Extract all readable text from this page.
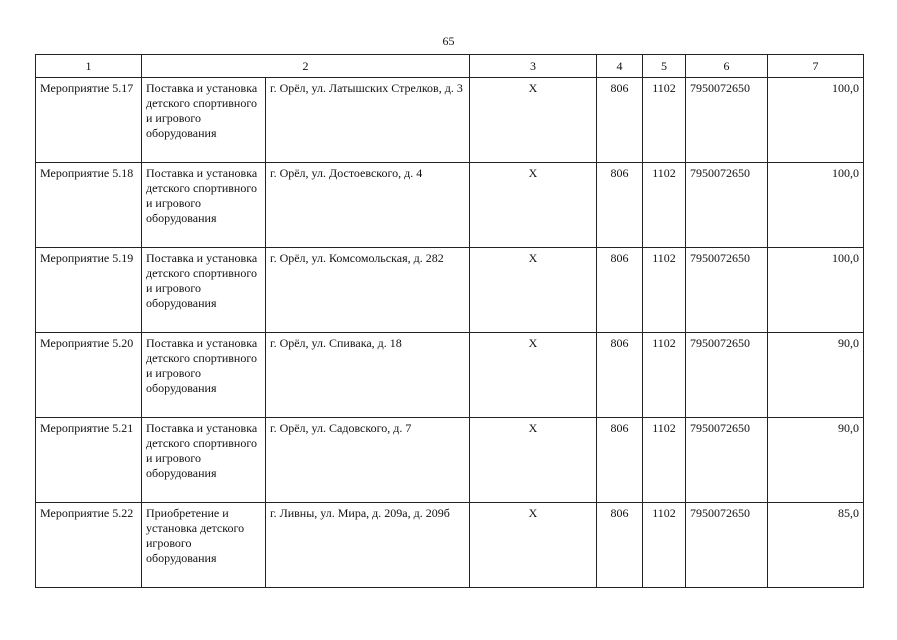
65
1	2		3	4	5	6	7
Мероприятие 5.17	Поставка и установка детского спортивного и игрового оборудования	г. Орёл, ул. Латышских Стрелков, д. 3	Х	806	1102	7950072650	100,0
Мероприятие 5.18	Поставка и установка детского спортивного и игрового оборудования	г. Орёл, ул. Достоевского, д. 4	Х	806	1102	7950072650	100,0
Мероприятие 5.19	Поставка и установка детского спортивного и игрового оборудования	г. Орёл, ул. Комсомольская, д. 282	Х	806	1102	7950072650	100,0
Мероприятие 5.20	Поставка и установка детского спортивного и игрового оборудования	г. Орёл, ул. Спивака, д. 18	Х	806	1102	7950072650	90,0
Мероприятие 5.21	Поставка и установка детского спортивного и игрового оборудования	г. Орёл, ул. Садовского, д. 7	Х	806	1102	7950072650	90,0
Мероприятие 5.22	Приобретение и установка детского игрового оборудования	г. Ливны, ул. Мира, д. 209а, д. 209б	Х	806	1102	7950072650	85,0
